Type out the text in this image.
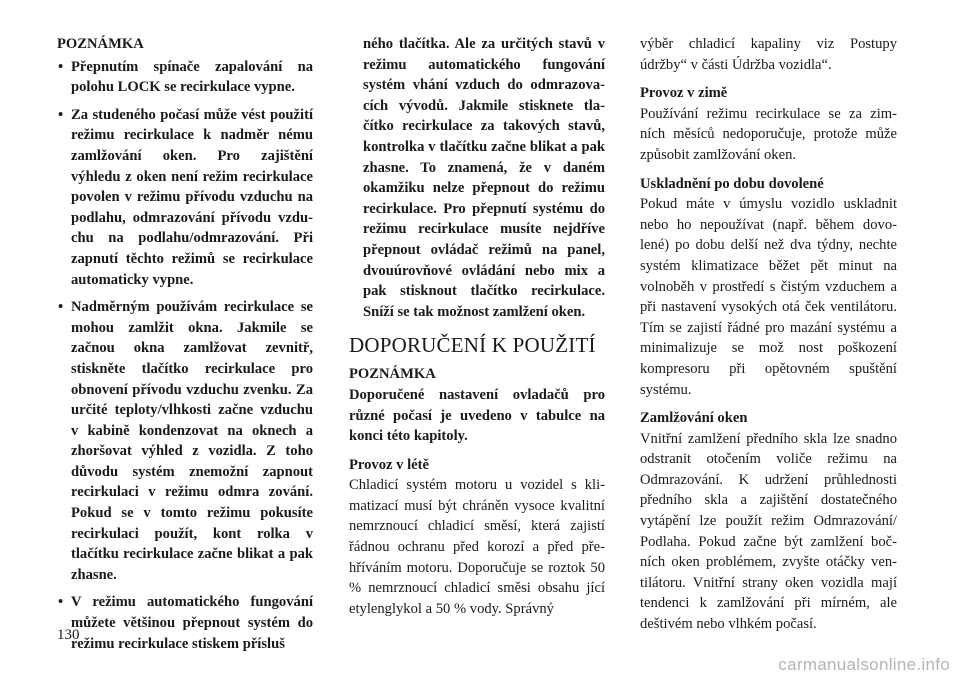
POZNÁMKA

• Přepnutím spínače zapalování na polohu LOCK se recirkulace vypne.
• Za studeného počasí může vést použití režimu recirkulace k nadměr nému zamlžování oken. Pro zajištění výhledu z oken není režim recirkulace povolen v režimu přívodu vzduchu na podlahu, odmrazování přívodu vzdu chu na podlahu/odmrazování. Při zapnutí těchto režimů se recirkulace automaticky vypne.
• Nadměrným používám recirkulace se mohou zamlžit okna. Jakmile se začnou okna zamlžovat zevnitř, stiskněte tlačítko recirkulace pro obnovení přívodu vzduchu zvenku. Za určité teploty/vlhkosti začne vzduchu v kabině kondenzovat na oknech a zhoršovat výhled z vozidla. Z toho důvodu systém znemožní zapnout recirkulaci v režimu odmra zování. Pokud se v tomto režimu pokusíte recirkulaci použít, kont rolka v tlačítku recirkulace začne blikat a pak zhasne.
• V režimu automatického fungování můžete většinou přepnout systém do režimu recirkulace stiskem přísluš

ného tlačítka. Ale za určitých stavů v režimu automatického fungování systém vhání vzduch do odmrazova cích vývodů. Jakmile stisknete tla čítko recirkulace za takových stavů, kontrolka v tlačítku začne blikat a pak zhasne. To znamená, že v daném okamžiku nelze přepnout do režimu recirkulace. Pro přepnutí systému do režimu recirkulace musíte nejdříve přepnout ovládač režimů na panel, dvouúrovňové ovládání nebo mix a pak stisknout tlačítko recirkulace. Sníží se tak možnost zamlžení oken.

DOPORUČENÍ K POUŽITÍ

POZNÁMKA

Doporučené nastavení ovladačů pro různé počasí je uvedeno v tabulce na konci této kapitoly.

Provoz v létě

Chladicí systém motoru u vozidel s kli matizací musí být chráněn vysoce kvalitní nemrznoucí chladicí směsí, která zajistí řádnou ochranu před korozí a před pře hříváním motoru. Doporučuje se roztok 50 % nemrznoucí chladicí směsi obsahu jící etylenglykol a 50 % vody. Správný

výběr chladicí kapaliny viz Postupy údržby“ v části Údržba vozidla“.

Provoz v zimě

Používání režimu recirkulace se za zim ních měsíců nedoporučuje, protože může způsobit zamlžování oken.

Uskladnění po dobu dovolené

Pokud máte v úmyslu vozidlo uskladnit nebo ho nepoužívat (např. během dovo lené) po dobu delší než dva týdny, nechte systém klimatizace běžet pět minut na volnoběh v prostředí s čistým vzduchem a při nastavení vysokých otá ček ventilátoru. Tím se zajistí řádné pro mazání systému a minimalizuje se mož nost poškození kompresoru při opětovném spuštění systému.

Zamlžování oken

Vnitřní zamlžení předního skla lze snadno odstranit otočením voliče režimu na Odmrazování. K udržení průhlednosti předního skla a zajištění dostatečného vytápění lze použít režim Odmrazování/ Podlaha. Pokud začne být zamlžení boč ních oken problémem, zvyšte otáčky ven tilátoru. Vnitřní strany oken vozidla mají tendenci k zamlžování při mírném, ale deštivém nebo vlhkém počasí.

130
carmanualsonline.info
